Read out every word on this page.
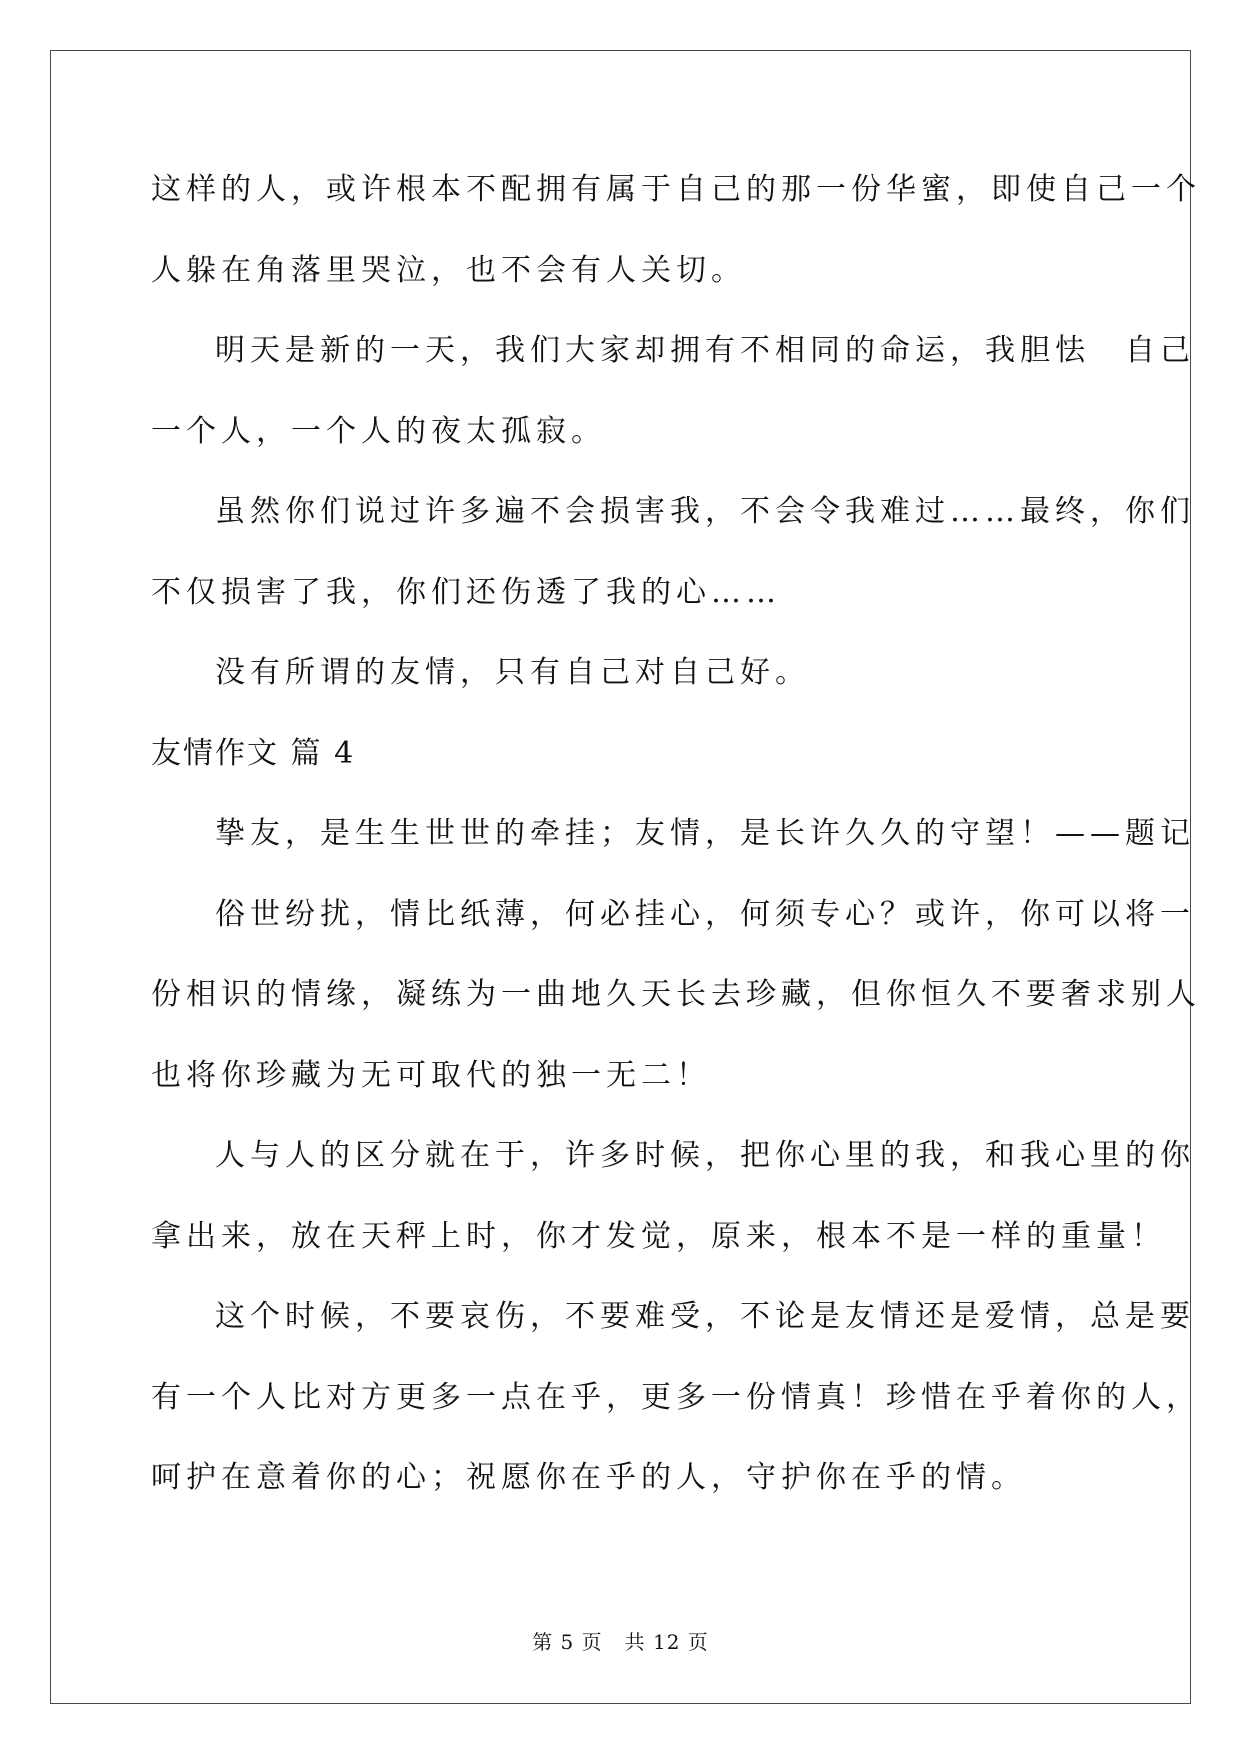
这样的人，或许根本不配拥有属于自己的那一份华蜜，即使自己一个
人躲在角落里哭泣，也不会有人关切。
明天是新的一天，我们大家却拥有不相同的命运，我胆怯　自己
一个人，一个人的夜太孤寂。
虽然你们说过许多遍不会损害我，不会令我难过……最终，你们
不仅损害了我，你们还伤透了我的心……
没有所谓的友情，只有自己对自己好。
友情作文 篇 4
挚友，是生生世世的牵挂；友情，是长许久久的守望！——题记
俗世纷扰，情比纸薄，何必挂心，何须专心？或许，你可以将一
份相识的情缘，凝练为一曲地久天长去珍藏，但你恒久不要奢求别人
也将你珍藏为无可取代的独一无二！
人与人的区分就在于，许多时候，把你心里的我，和我心里的你
拿出来，放在天秤上时，你才发觉，原来，根本不是一样的重量！
这个时候，不要哀伤，不要难受，不论是友情还是爱情，总是要
有一个人比对方更多一点在乎，更多一份情真！珍惜在乎着你的人，
呵护在意着你的心；祝愿你在乎的人，守护你在乎的情。
第 5 页 共 12 页
